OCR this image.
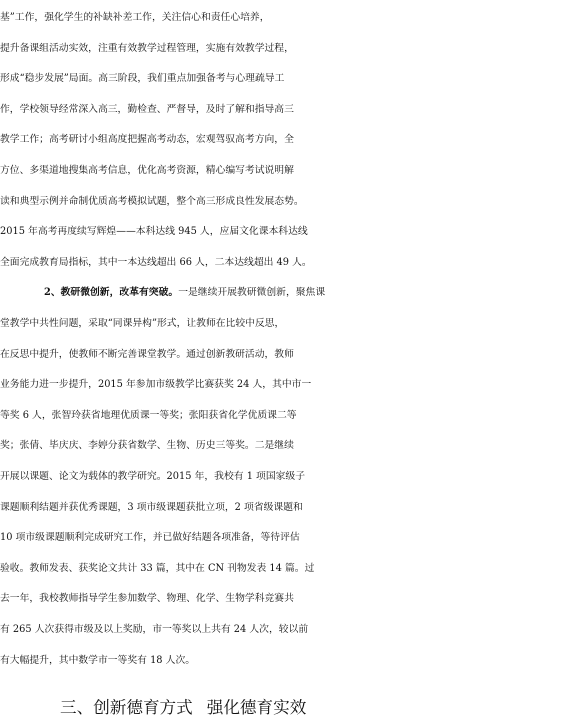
基”工作，强化学生的补缺补差工作，关注信心和责任心培养，
提升备课组活动实效，注重有效教学过程管理，实施有效教学过程，
形成“稳步发展”局面。高三阶段，我们重点加强备考与心理疏导工
作，学校领导经常深入高三，勤检查、严督导，及时了解和指导高三
教学工作；高考研讨小组高度把握高考动态，宏观驾驭高考方向，全
方位、多渠道地搜集高考信息，优化高考资源，精心编写考试说明解
读和典型示例并命制优质高考模拟试题，整个高三形成良性发展态势。
2015 年高考再度续写辉煌——本科达线 945 人，应届文化课本科达线
全面完成教育局指标，其中一本达线超出 66 人，二本达线超出 49 人。
2、教研微创新，改革有突破。一是继续开展教研微创新，聚焦课
堂教学中共性问题，采取“同课异构”形式，让教师在比较中反思，
在反思中提升，使教师不断完善课堂教学。通过创新教研活动，教师
业务能力进一步提升，2015 年参加市级教学比赛获奖 24 人，其中市一
等奖 6 人，张智玲获省地理优质课一等奖；张阳获省化学优质课二等
奖；张倩、毕庆庆、李婷分获省数学、生物、历史三等奖。二是继续
开展以课题、论文为载体的教学研究。2015 年，我校有 1 项国家级子
课题顺利结题并获优秀课题，3 项市级课题获批立项，2 项省级课题和
10 项市级课题顺利完成研究工作，并已做好结题各项准备，等待评估
验收。教师发表、获奖论文共计 33 篇，其中在 CN 刊物发表 14 篇。过
去一年，我校教师指导学生参加数学、物理、化学、生物学科竞赛共
有 265 人次获得市级及以上奖励，市一等奖以上共有 24 人次，较以前
有大幅提升，其中数学市一等奖有 18 人次。
三、创新德育方式 强化德育实效
